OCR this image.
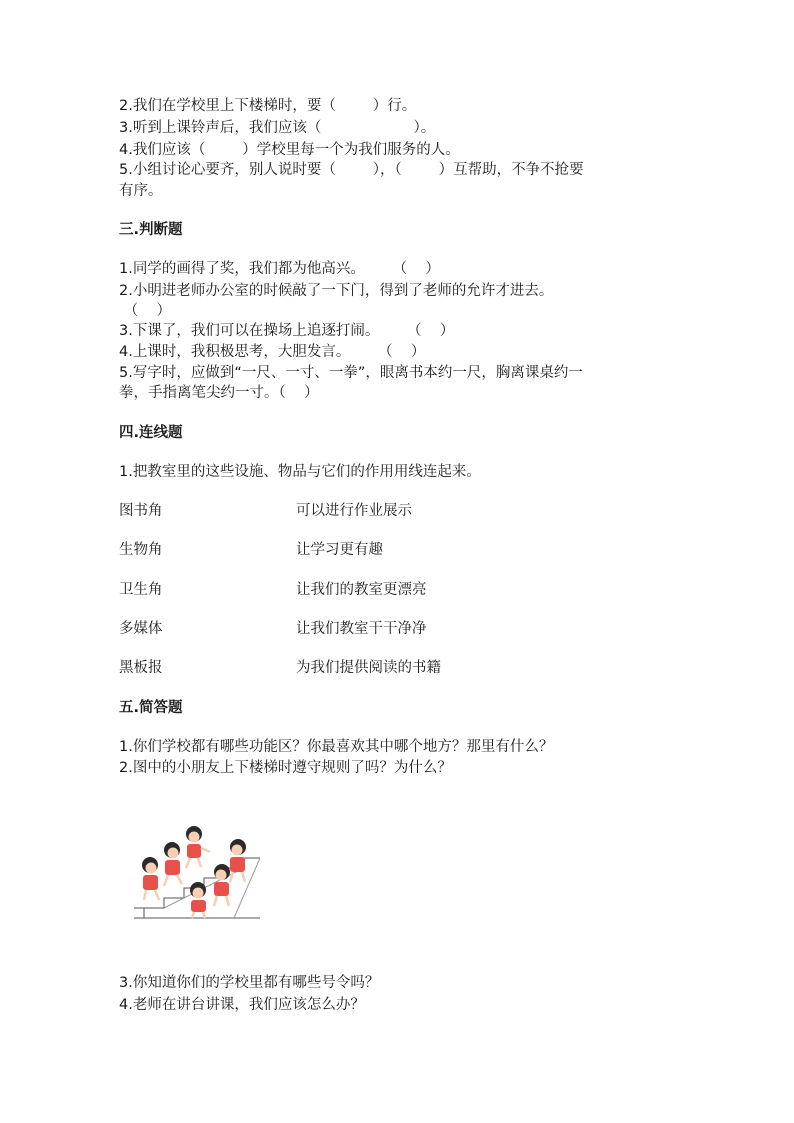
2.我们在学校里上下楼梯时，要（        ）行。
3.听到上课铃声后，我们应该（                    ）。
4.我们应该（        ）学校里每一个为我们服务的人。
5.小组讨论心要齐，别人说时要（        ），（        ）互帮助，不争不抢要
有序。
三.判断题
1.同学的画得了奖，我们都为他高兴。      （    ）
2.小明进老师办公室的时候敲了一下门，得到了老师的允许才进去。
（    ）
3.下课了，我们可以在操场上追逐打闹。      （    ）
4.上课时，我积极思考，大胆发言。      （    ）
5.写字时，应做到“一尺、一寸、一拳”，眼离书本约一尺，胸离课桌约一
拳，手指离笔尖约一寸。（    ）
四.连线题
1.把教室里的这些设施、物品与它们的作用用线连起来。
图书角	可以进行作业展示
生物角	让学习更有趣
卫生角	让我们的教室更漂亮
多媒体	让我们教室干干净净
黑板报	为我们提供阅读的书籍
五.简答题
1.你们学校都有哪些功能区？你最喜欢其中哪个地方？那里有什么？
2.图中的小朋友上下楼梯时遵守规则了吗？为什么？
3.你知道你们的学校里都有哪些号令吗？
4.老师在讲台讲课，我们应该怎么办？
